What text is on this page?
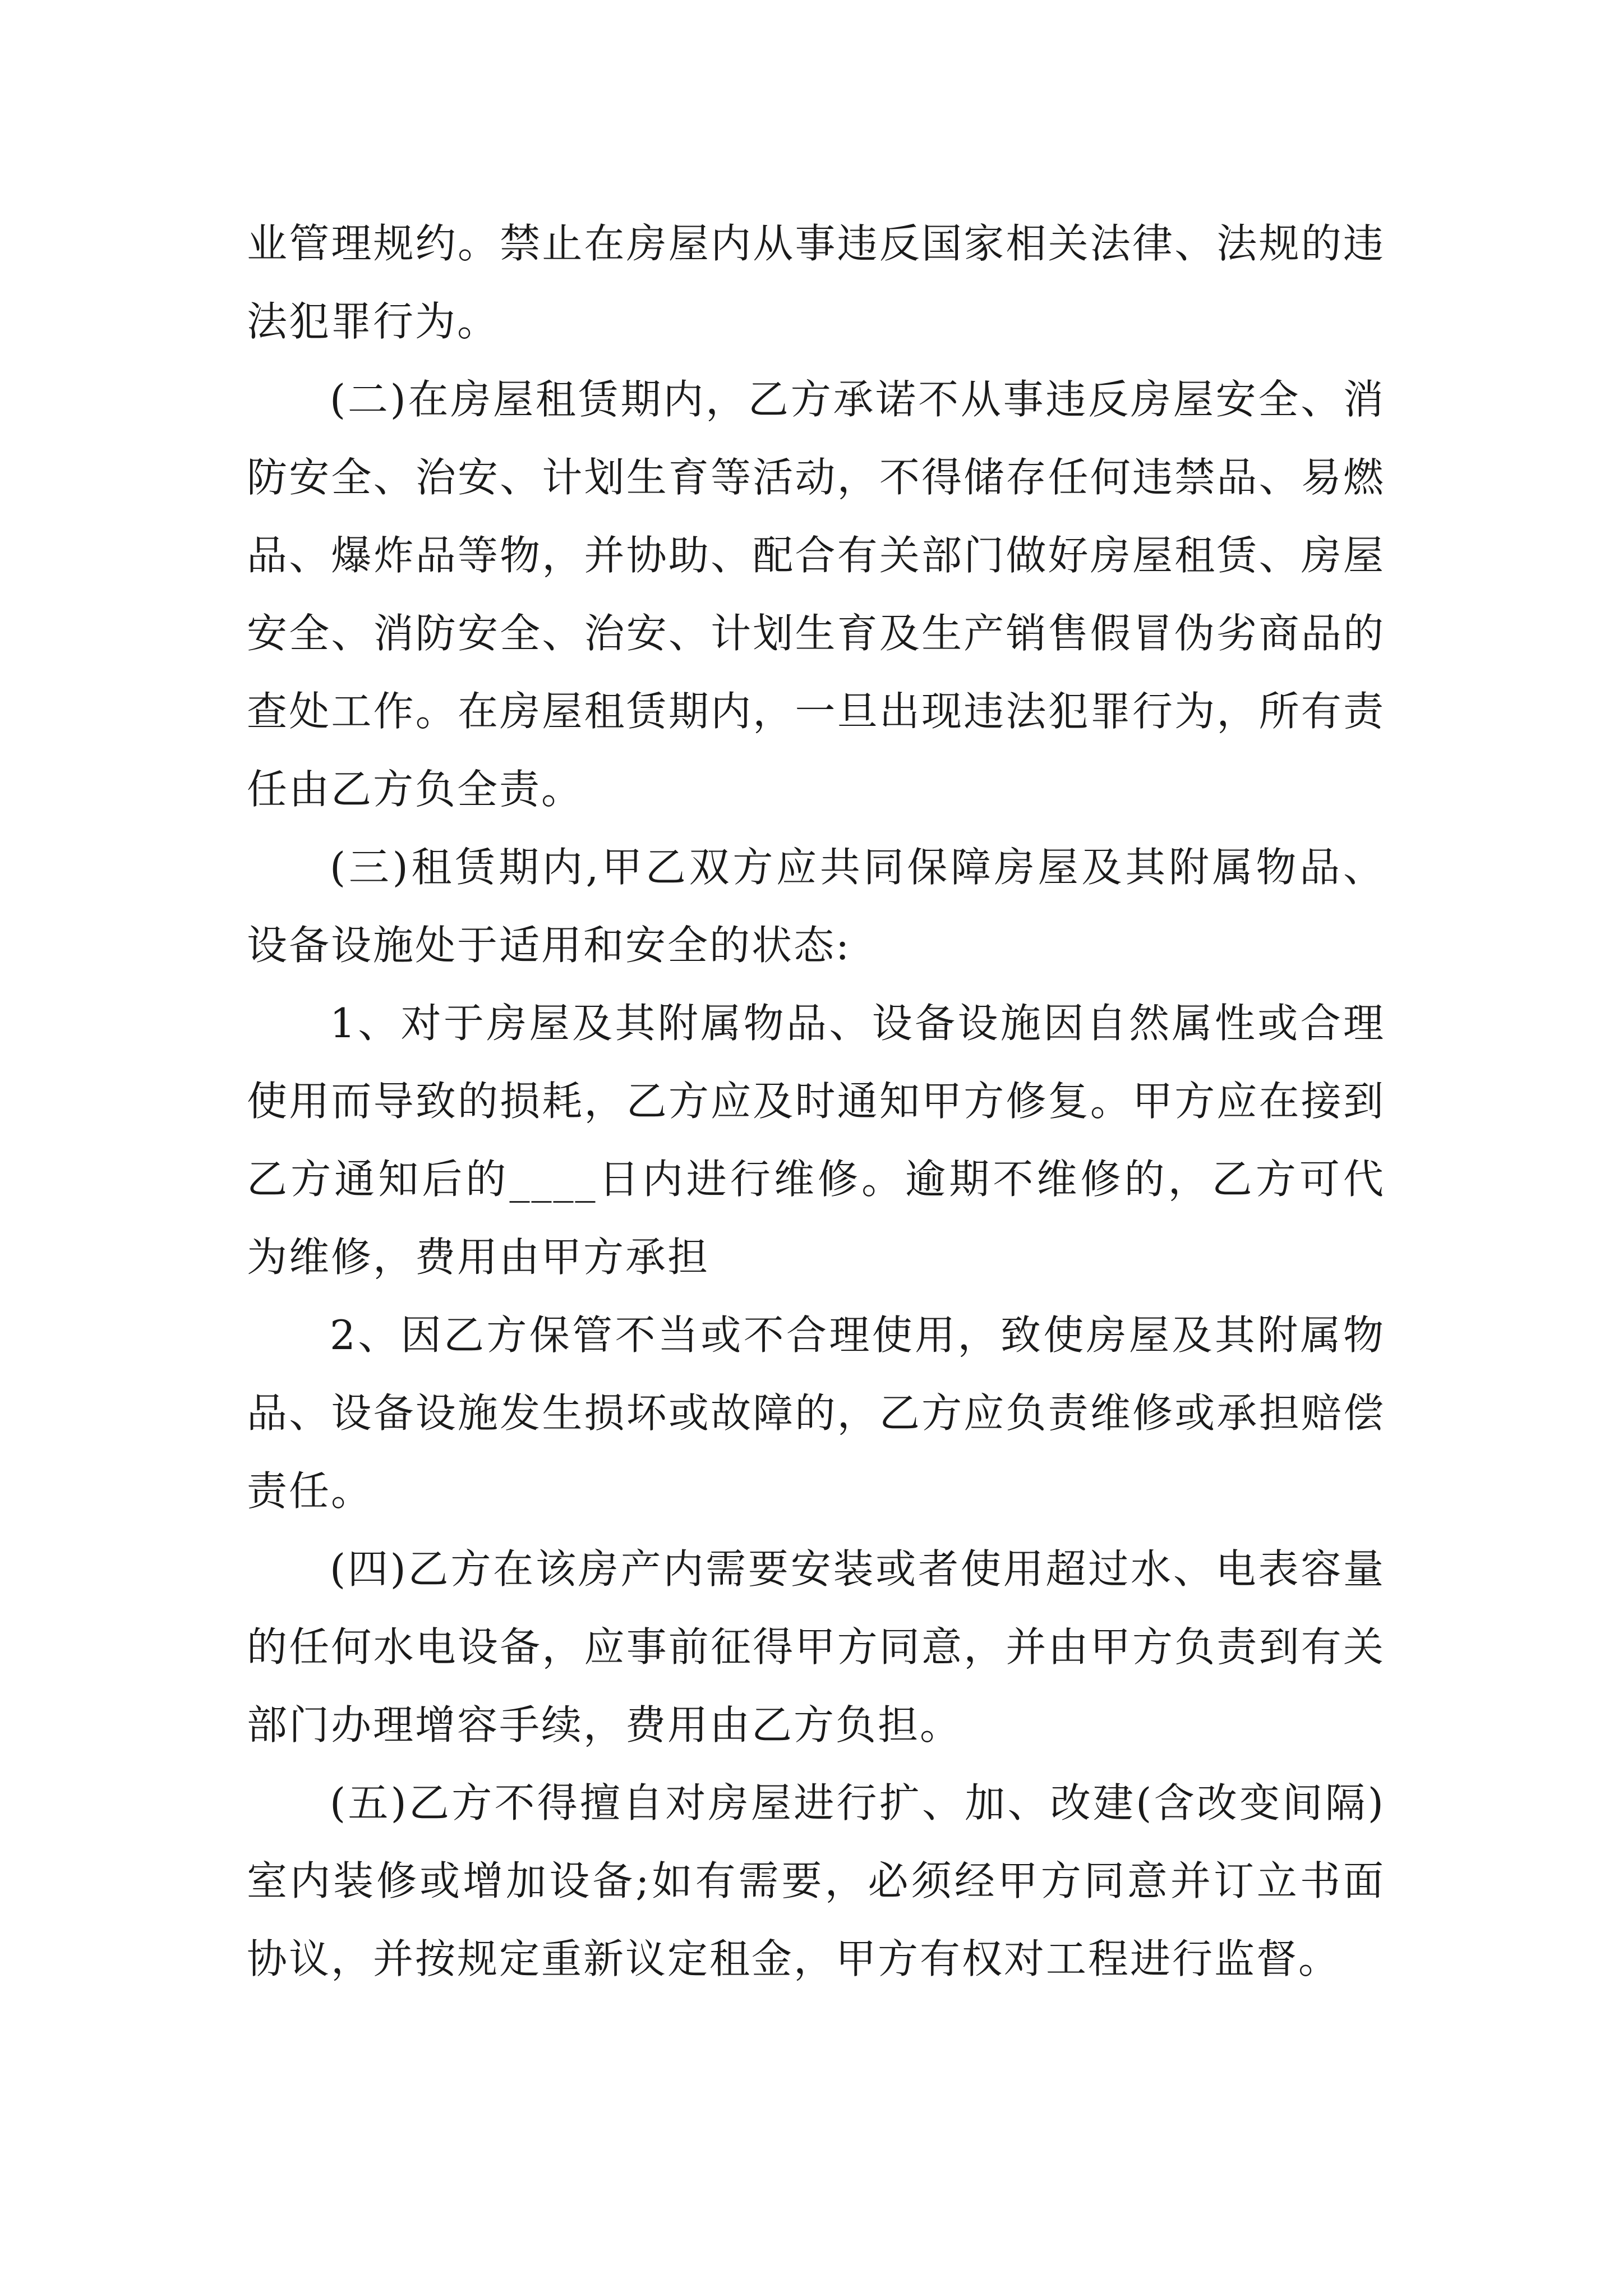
业管理规约。禁止在房屋内从事违反国家相关法律、法规的违法犯罪行为。

(二)在房屋租赁期内，乙方承诺不从事违反房屋安全、消防安全、治安、计划生育等活动，不得储存任何违禁品、易燃品、爆炸品等物，并协助、配合有关部门做好房屋租赁、房屋安全、消防安全、治安、计划生育及生产销售假冒伪劣商品的查处工作。在房屋租赁期内，一旦出现违法犯罪行为，所有责任由乙方负全责。

(三)租赁期内,甲乙双方应共同保障房屋及其附属物品、设备设施处于适用和安全的状态:

1、对于房屋及其附属物品、设备设施因自然属性或合理使用而导致的损耗，乙方应及时通知甲方修复。甲方应在接到乙方通知后的____日内进行维修。逾期不维修的，乙方可代为维修，费用由甲方承担

2、因乙方保管不当或不合理使用，致使房屋及其附属物品、设备设施发生损坏或故障的，乙方应负责维修或承担赔偿责任。

(四)乙方在该房产内需要安装或者使用超过水、电表容量的任何水电设备，应事前征得甲方同意，并由甲方负责到有关部门办理增容手续，费用由乙方负担。

(五)乙方不得擅自对房屋进行扩、加、改建(含改变间隔)室内装修或增加设备;如有需要，必须经甲方同意并订立书面协议，并按规定重新议定租金，甲方有权对工程进行监督。
